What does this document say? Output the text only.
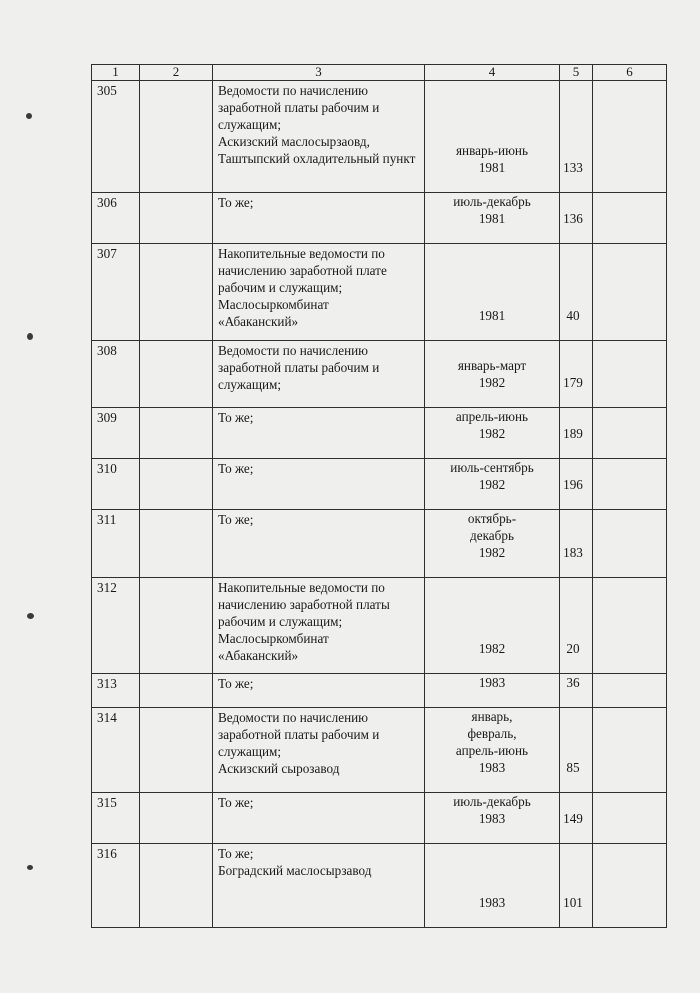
1	2	3	4	5	6
305		Ведомости по начислению заработной платы рабочим и служащим;
Аскизский маслосырзаовд,
Таштыпский охладительный пункт	январь-июнь
1981	133	
306		То же;	июль-декабрь
1981	136	
307		Накопительные ведомости по начислению заработной плате рабочим и служащим;
Маслосыркомбинат
«Абаканский»	1981	40	
308		Ведомости по начислению заработной платы рабочим и служащим;	январь-март
1982	179	
309		То же;	апрель-июнь
1982	189	
310		То же;	июль-сентябрь
1982	196	
311		То же;	октябрь-
декабрь
1982	183	
312		Накопительные ведомости по начислению заработной платы рабочим и служащим;
Маслосыркомбинат
«Абаканский»	1982	20	
313		То же;	1983	36	
314		Ведомости по начислению заработной платы рабочим и служащим;
Аскизский сырозавод	январь,
февраль,
апрель-июнь
1983	85	
315		То же;	июль-декабрь
1983	149	
316		То же;
Боградский маслосырзавод	1983	101	
